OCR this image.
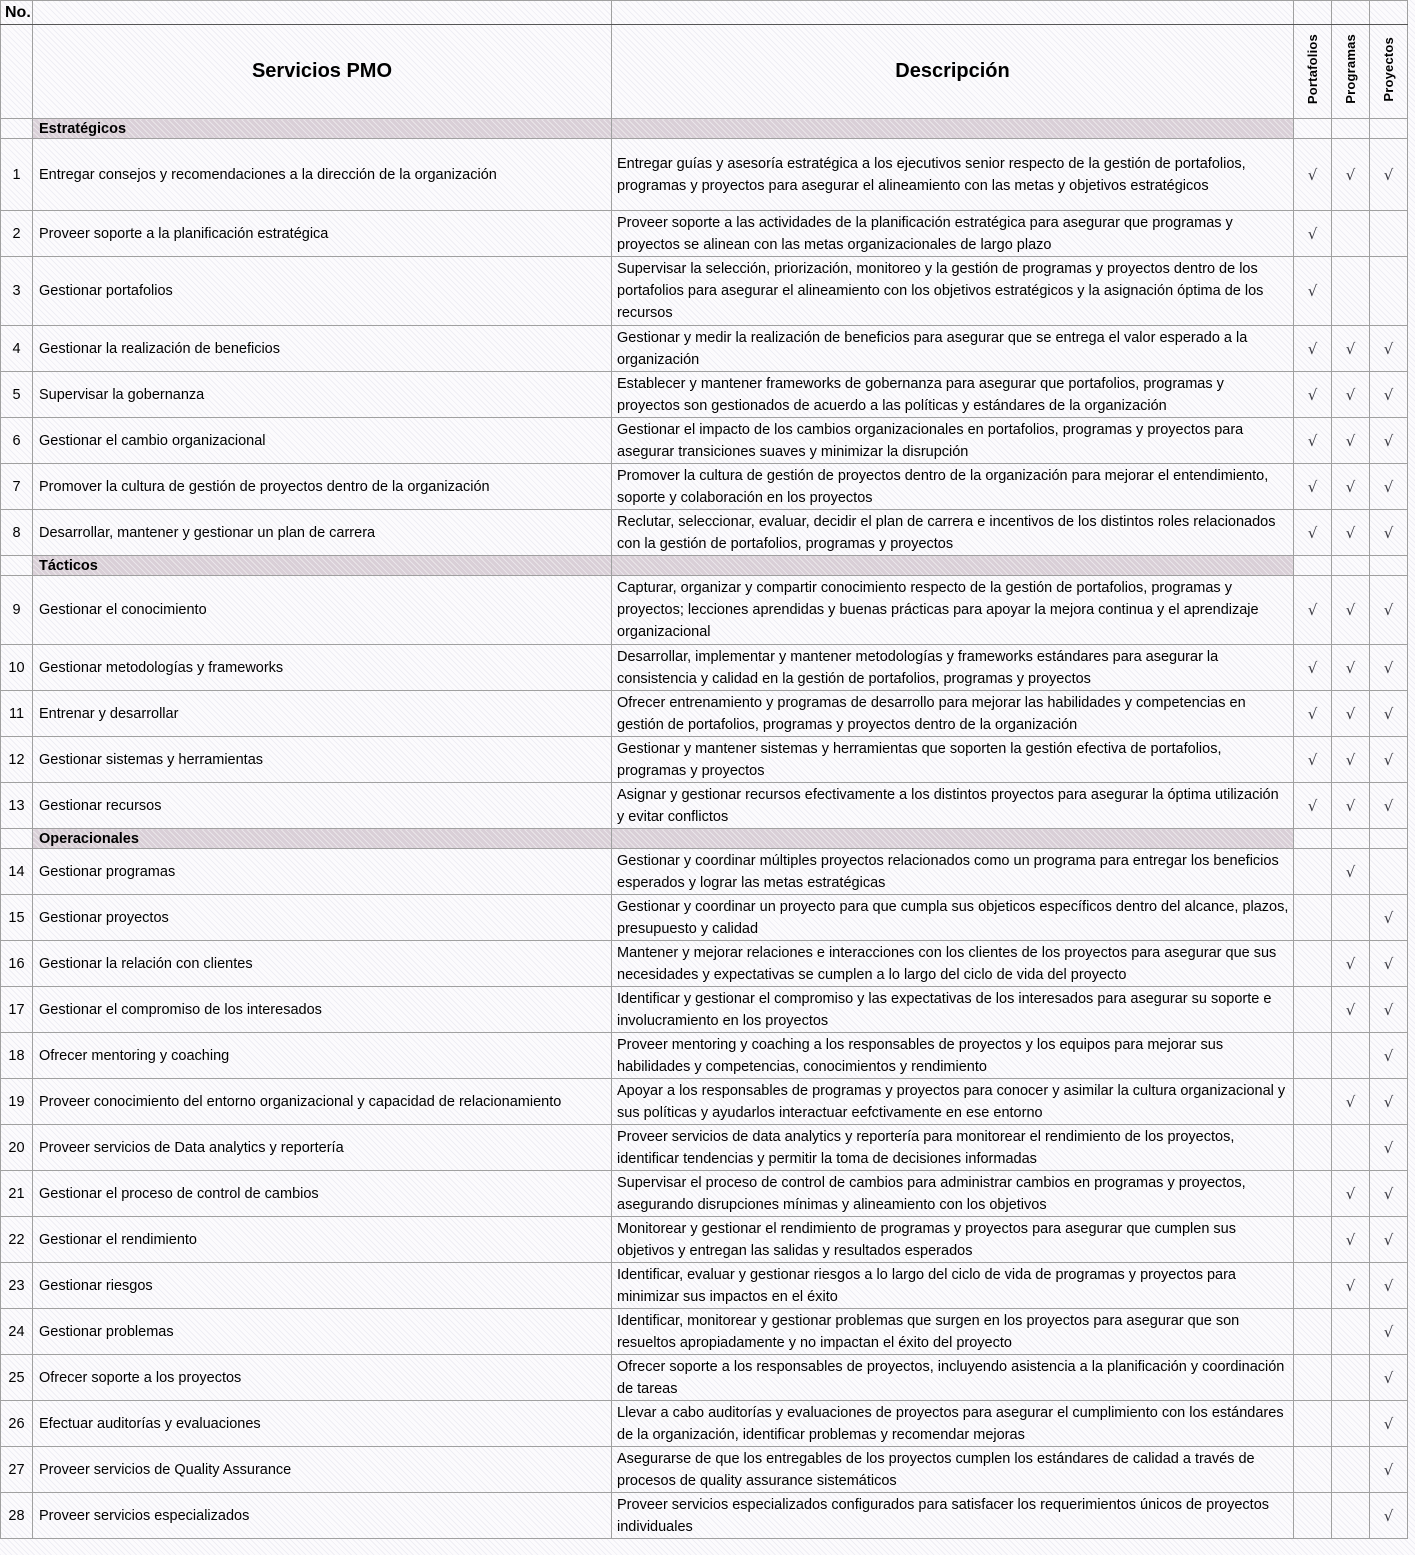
No.					
	Servicios PMO	Descripción	Portafolios	Programas	Proyectos
	Estratégicos				
1	Entregar consejos y recomendaciones a la dirección de la organización	Entregar guías y asesoría estratégica a los ejecutivos senior respecto de la gestión de portafolios, programas y proyectos para asegurar el alineamiento con las metas y objetivos estratégicos	√	√	√
2	Proveer soporte a la planificación estratégica	Proveer soporte a las actividades de la planificación estratégica para asegurar que programas y proyectos se alinean con las metas organizacionales de largo plazo	√		
3	Gestionar portafolios	Supervisar la selección, priorización, monitoreo y la gestión de programas y proyectos dentro de los portafolios para asegurar el alineamiento con los objetivos estratégicos y la asignación óptima de los recursos	√		
4	Gestionar la realización de beneficios	Gestionar y medir la realización de beneficios para asegurar que se entrega el valor esperado a la organización	√	√	√
5	Supervisar la gobernanza	Establecer y mantener frameworks de gobernanza para asegurar que portafolios, programas y proyectos son gestionados de acuerdo a las políticas y estándares de la organización	√	√	√
6	Gestionar el cambio organizacional	Gestionar el impacto de los cambios organizacionales en portafolios, programas y proyectos para asegurar transiciones suaves y minimizar la disrupción	√	√	√
7	Promover la cultura de gestión de proyectos dentro de la organización	Promover la cultura de gestión de proyectos dentro de la organización para mejorar el entendimiento, soporte y colaboración en los proyectos	√	√	√
8	Desarrollar, mantener y gestionar un plan de carrera	Reclutar, seleccionar, evaluar, decidir el plan de carrera e incentivos de los distintos roles relacionados con la gestión de portafolios, programas y proyectos	√	√	√
	Tácticos				
9	Gestionar el conocimiento	Capturar, organizar y compartir conocimiento respecto de la gestión de portafolios, programas y proyectos; lecciones aprendidas y buenas prácticas para apoyar la mejora continua y el aprendizaje organizacional	√	√	√
10	Gestionar metodologías y frameworks	Desarrollar, implementar y mantener metodologías y frameworks estándares para asegurar la consistencia y calidad en la gestión de portafolios, programas y proyectos	√	√	√
11	Entrenar y desarrollar	Ofrecer entrenamiento y programas de desarrollo para mejorar las habilidades y competencias en gestión de portafolios, programas y proyectos dentro de la organización	√	√	√
12	Gestionar sistemas y herramientas	Gestionar y mantener sistemas y herramientas que soporten la gestión efectiva de portafolios, programas y proyectos	√	√	√
13	Gestionar recursos	Asignar y gestionar recursos efectivamente a los distintos proyectos para asegurar la óptima utilización y evitar conflictos	√	√	√
	Operacionales				
14	Gestionar programas	Gestionar y coordinar múltiples proyectos relacionados como un programa para entregar los beneficios esperados y lograr las metas estratégicas		√	
15	Gestionar proyectos	Gestionar y coordinar un proyecto para que cumpla sus objeticos específicos dentro del alcance, plazos, presupuesto y calidad			√
16	Gestionar la relación con clientes	Mantener y mejorar relaciones e interacciones con los clientes de los proyectos para asegurar que sus necesidades y expectativas se cumplen a lo largo del ciclo de vida del proyecto		√	√
17	Gestionar el compromiso de los interesados	Identificar y gestionar el compromiso y las expectativas de los interesados para asegurar su soporte e involucramiento en los proyectos		√	√
18	Ofrecer mentoring y coaching	Proveer mentoring y coaching a los responsables de proyectos y los equipos para mejorar sus habilidades y competencias, conocimientos y rendimiento			√
19	Proveer conocimiento del entorno organizacional y capacidad de relacionamiento	Apoyar a los responsables de programas y proyectos para conocer y asimilar la cultura organizacional y sus políticas y ayudarlos interactuar eefctivamente en ese entorno		√	√
20	Proveer servicios de Data analytics y reportería	Proveer servicios de data analytics y reportería para monitorear el rendimiento de los proyectos, identificar tendencias y permitir la toma de decisiones informadas			√
21	Gestionar el proceso de control de cambios	Supervisar el proceso de control de cambios para administrar cambios en programas y proyectos, asegurando disrupciones mínimas y alineamiento con los objetivos		√	√
22	Gestionar el rendimiento	Monitorear y gestionar el rendimiento de programas y proyectos para asegurar que cumplen sus objetivos y entregan las salidas y resultados esperados		√	√
23	Gestionar riesgos	Identificar, evaluar y gestionar riesgos a lo largo del ciclo de vida de programas y proyectos para minimizar sus impactos en el éxito		√	√
24	Gestionar problemas	Identificar, monitorear y gestionar problemas que surgen en los proyectos para asegurar que son resueltos apropiadamente y no impactan el éxito del proyecto			√
25	Ofrecer soporte a los proyectos	Ofrecer soporte a los responsables de proyectos, incluyendo asistencia a la planificación y coordinación de tareas			√
26	Efectuar auditorías y evaluaciones	Llevar a cabo auditorías y evaluaciones de proyectos para asegurar el cumplimiento con los estándares de la organización, identificar problemas y recomendar mejoras			√
27	Proveer servicios de Quality Assurance	Asegurarse de que los entregables de los proyectos cumplen los estándares de calidad a través de procesos de quality assurance sistemáticos			√
28	Proveer servicios especializados	Proveer servicios especializados configurados para satisfacer los requerimientos únicos de proyectos individuales			√
